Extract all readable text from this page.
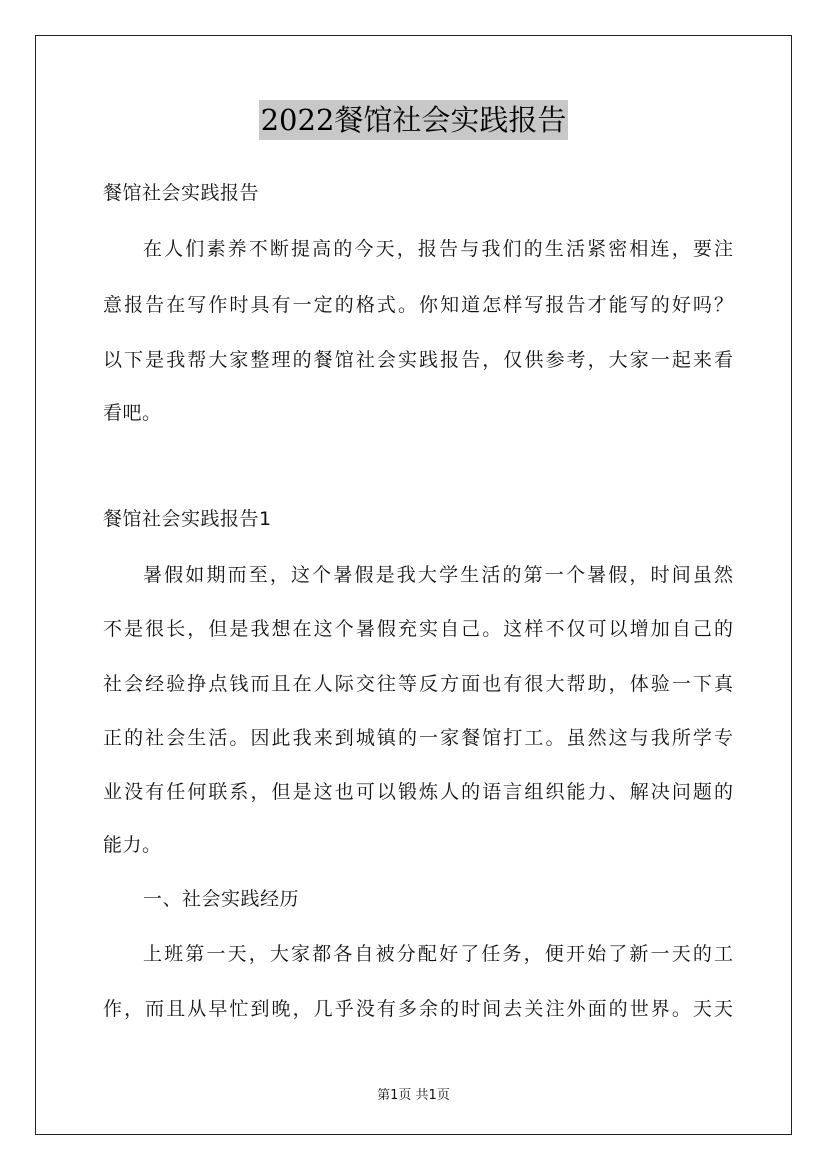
2022餐馆社会实践报告
餐馆社会实践报告
在人们素养不断提高的今天，报告与我们的生活紧密相连，要注
意报告在写作时具有一定的格式。你知道怎样写报告才能写的好吗？
以下是我帮大家整理的餐馆社会实践报告，仅供参考，大家一起来看
看吧。
餐馆社会实践报告1
暑假如期而至，这个暑假是我大学生活的第一个暑假，时间虽然
不是很长，但是我想在这个暑假充实自己。这样不仅可以增加自己的
社会经验挣点钱而且在人际交往等反方面也有很大帮助，体验一下真
正的社会生活。因此我来到城镇的一家餐馆打工。虽然这与我所学专
业没有任何联系，但是这也可以锻炼人的语言组织能力、解决问题的
能力。
一、社会实践经历
上班第一天，大家都各自被分配好了任务，便开始了新一天的工
作，而且从早忙到晚，几乎没有多余的时间去关注外面的世界。天天
第1页 共1页
